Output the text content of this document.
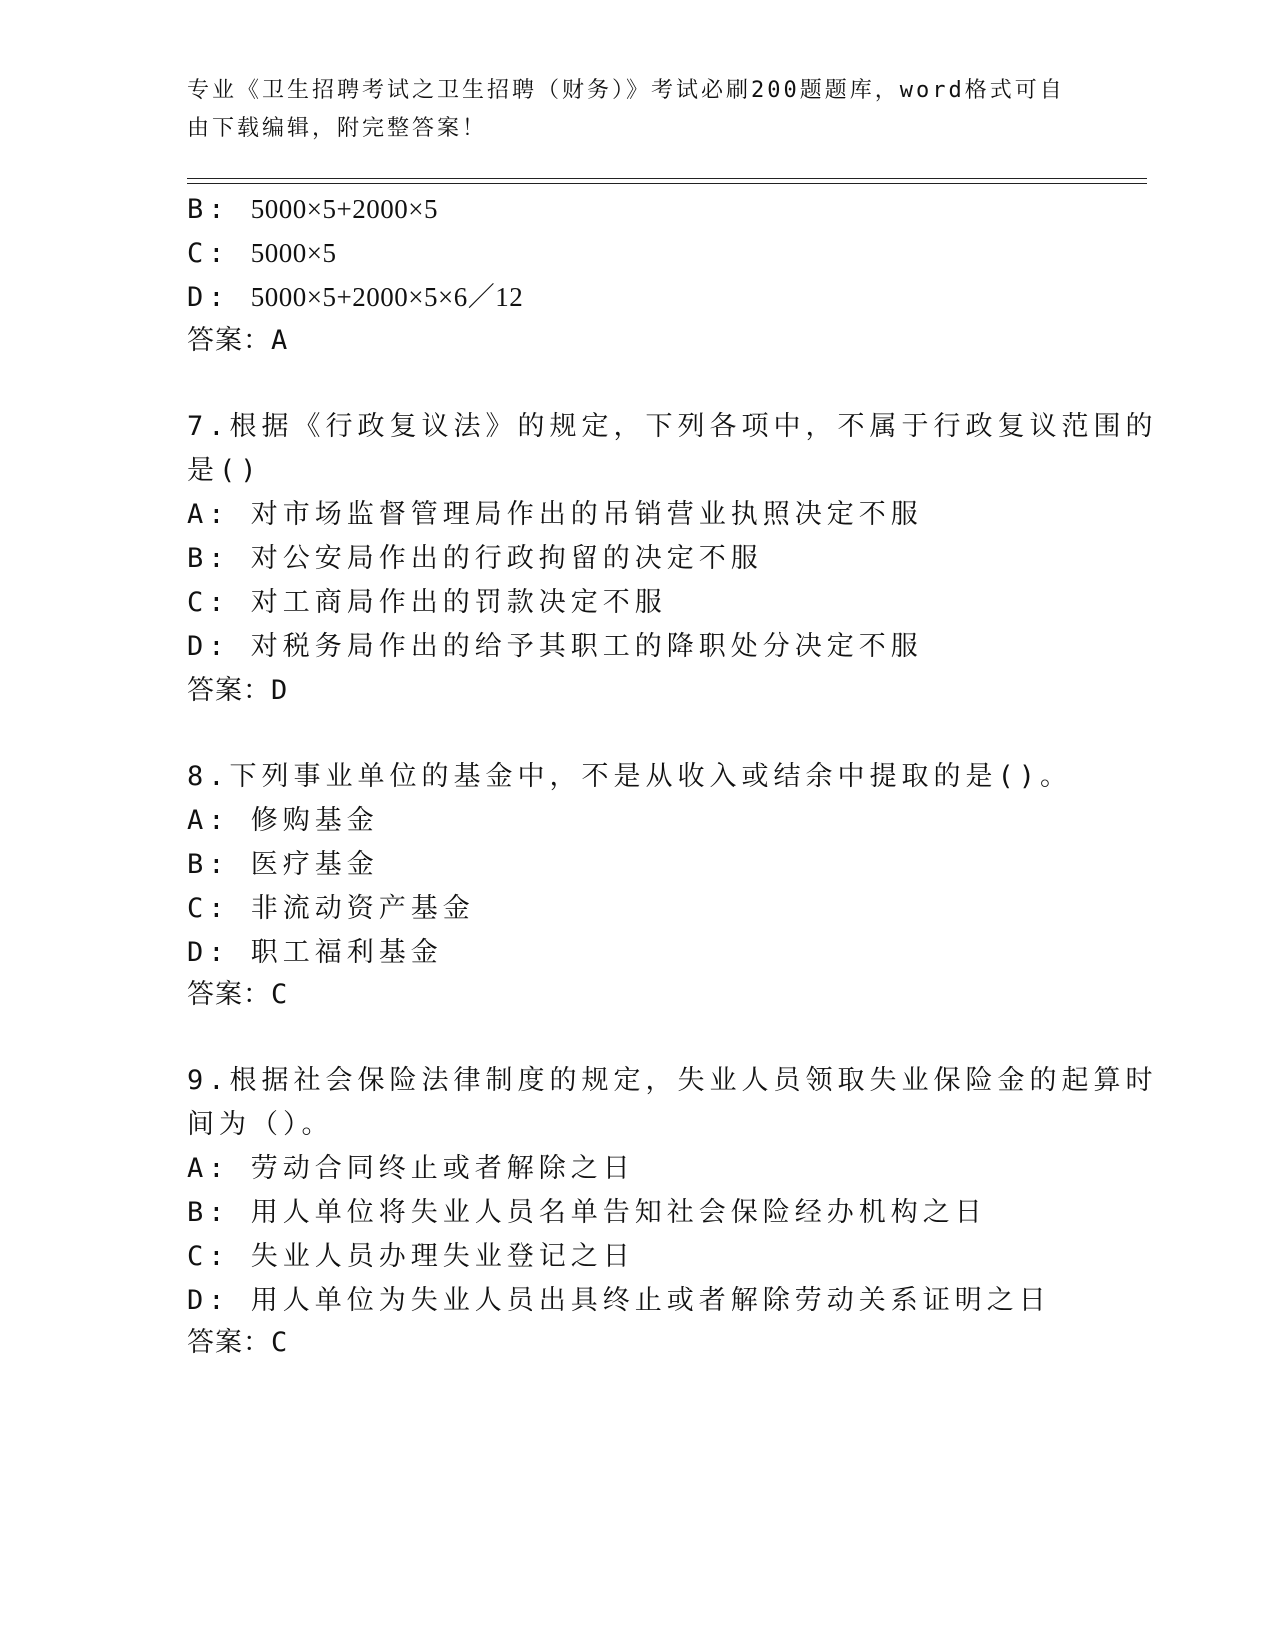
专业《卫生招聘考试之卫生招聘（财务）》考试必刷200题题库，word格式可自
由下载编辑，附完整答案！
B: 5000×5+2000×5
C: 5000×5
D: 5000×5+2000×5×6／12
答案：A
7.根据《行政复议法》的规定，下列各项中，不属于行政复议范围的
是()
A: 对市场监督管理局作出的吊销营业执照决定不服
B: 对公安局作出的行政拘留的决定不服
C: 对工商局作出的罚款决定不服
D: 对税务局作出的给予其职工的降职处分决定不服
答案：D
8.下列事业单位的基金中，不是从收入或结余中提取的是()。
A: 修购基金
B: 医疗基金
C: 非流动资产基金
D: 职工福利基金
答案：C
9.根据社会保险法律制度的规定，失业人员领取失业保险金的起算时
间为（）。
A: 劳动合同终止或者解除之日
B: 用人单位将失业人员名单告知社会保险经办机构之日
C: 失业人员办理失业登记之日
D: 用人单位为失业人员出具终止或者解除劳动关系证明之日
答案：C
